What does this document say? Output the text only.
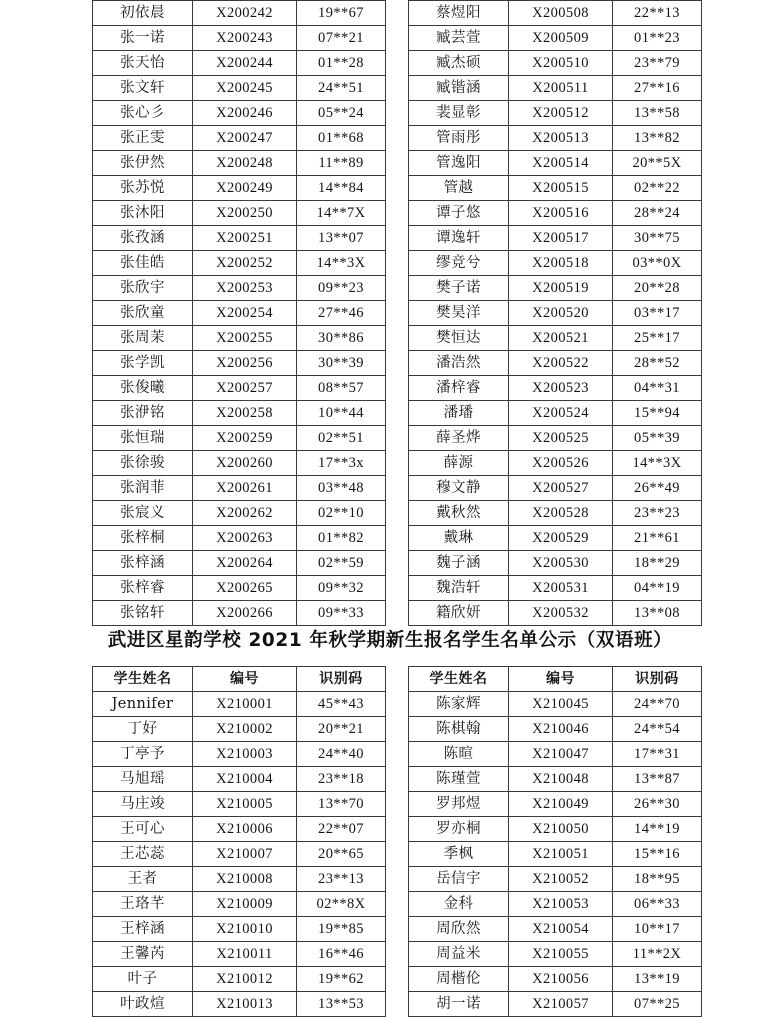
初依晨	X200242	19**67
张一诺	X200243	07**21
张天怡	X200244	01**28
张文轩	X200245	24**51
张心彡	X200246	05**24
张正雯	X200247	01**68
张伊然	X200248	11**89
张苏悦	X200249	14**84
张沐阳	X200250	14**7X
张孜涵	X200251	13**07
张佳皓	X200252	14**3X
张欣宇	X200253	09**23
张欣童	X200254	27**46
张周茉	X200255	30**86
张学凯	X200256	30**39
张俊曦	X200257	08**57
张洢铭	X200258	10**44
张恒瑞	X200259	02**51
张徐骏	X200260	17**3x
张润菲	X200261	03**48
张宸义	X200262	02**10
张梓桐	X200263	01**82
张梓涵	X200264	02**59
张梓睿	X200265	09**32
张铭轩	X200266	09**33
蔡煜阳	X200508	22**13
臧芸萱	X200509	01**23
臧杰硕	X200510	23**79
臧锴涵	X200511	27**16
裴显彰	X200512	13**58
管雨彤	X200513	13**82
管逸阳	X200514	20**5X
管越	X200515	02**22
谭子悠	X200516	28**24
谭逸轩	X200517	30**75
缪竞兮	X200518	03**0X
樊子诺	X200519	20**28
樊昊洋	X200520	03**17
樊恒达	X200521	25**17
潘浩然	X200522	28**52
潘梓睿	X200523	04**31
潘璠	X200524	15**94
薛圣烨	X200525	05**39
薛源	X200526	14**3X
穆文静	X200527	26**49
戴秋然	X200528	23**23
戴琳	X200529	21**61
魏子涵	X200530	18**29
魏浩轩	X200531	04**19
籍欣妍	X200532	13**08
武进区星韵学校 2021 年秋学期新生报名学生名单公示（双语班）
学生姓名	编号	识别码
Jennifer	X210001	45**43
丁好	X210002	20**21
丁亭予	X210003	24**40
马旭瑶	X210004	23**18
马庄竣	X210005	13**70
王可心	X210006	22**07
王芯蕊	X210007	20**65
王者	X210008	23**13
王珞芊	X210009	02**8X
王梓涵	X210010	19**85
王馨芮	X210011	16**46
叶子	X210012	19**62
叶政煊	X210013	13**53
学生姓名	编号	识别码
陈家辉	X210045	24**70
陈棋翰	X210046	24**54
陈暄	X210047	17**31
陈瑾萱	X210048	13**87
罗邦煜	X210049	26**30
罗亦桐	X210050	14**19
季枫	X210051	15**16
岳信宇	X210052	18**95
金科	X210053	06**33
周欣然	X210054	10**17
周益米	X210055	11**2X
周楷伦	X210056	13**19
胡一诺	X210057	07**25
